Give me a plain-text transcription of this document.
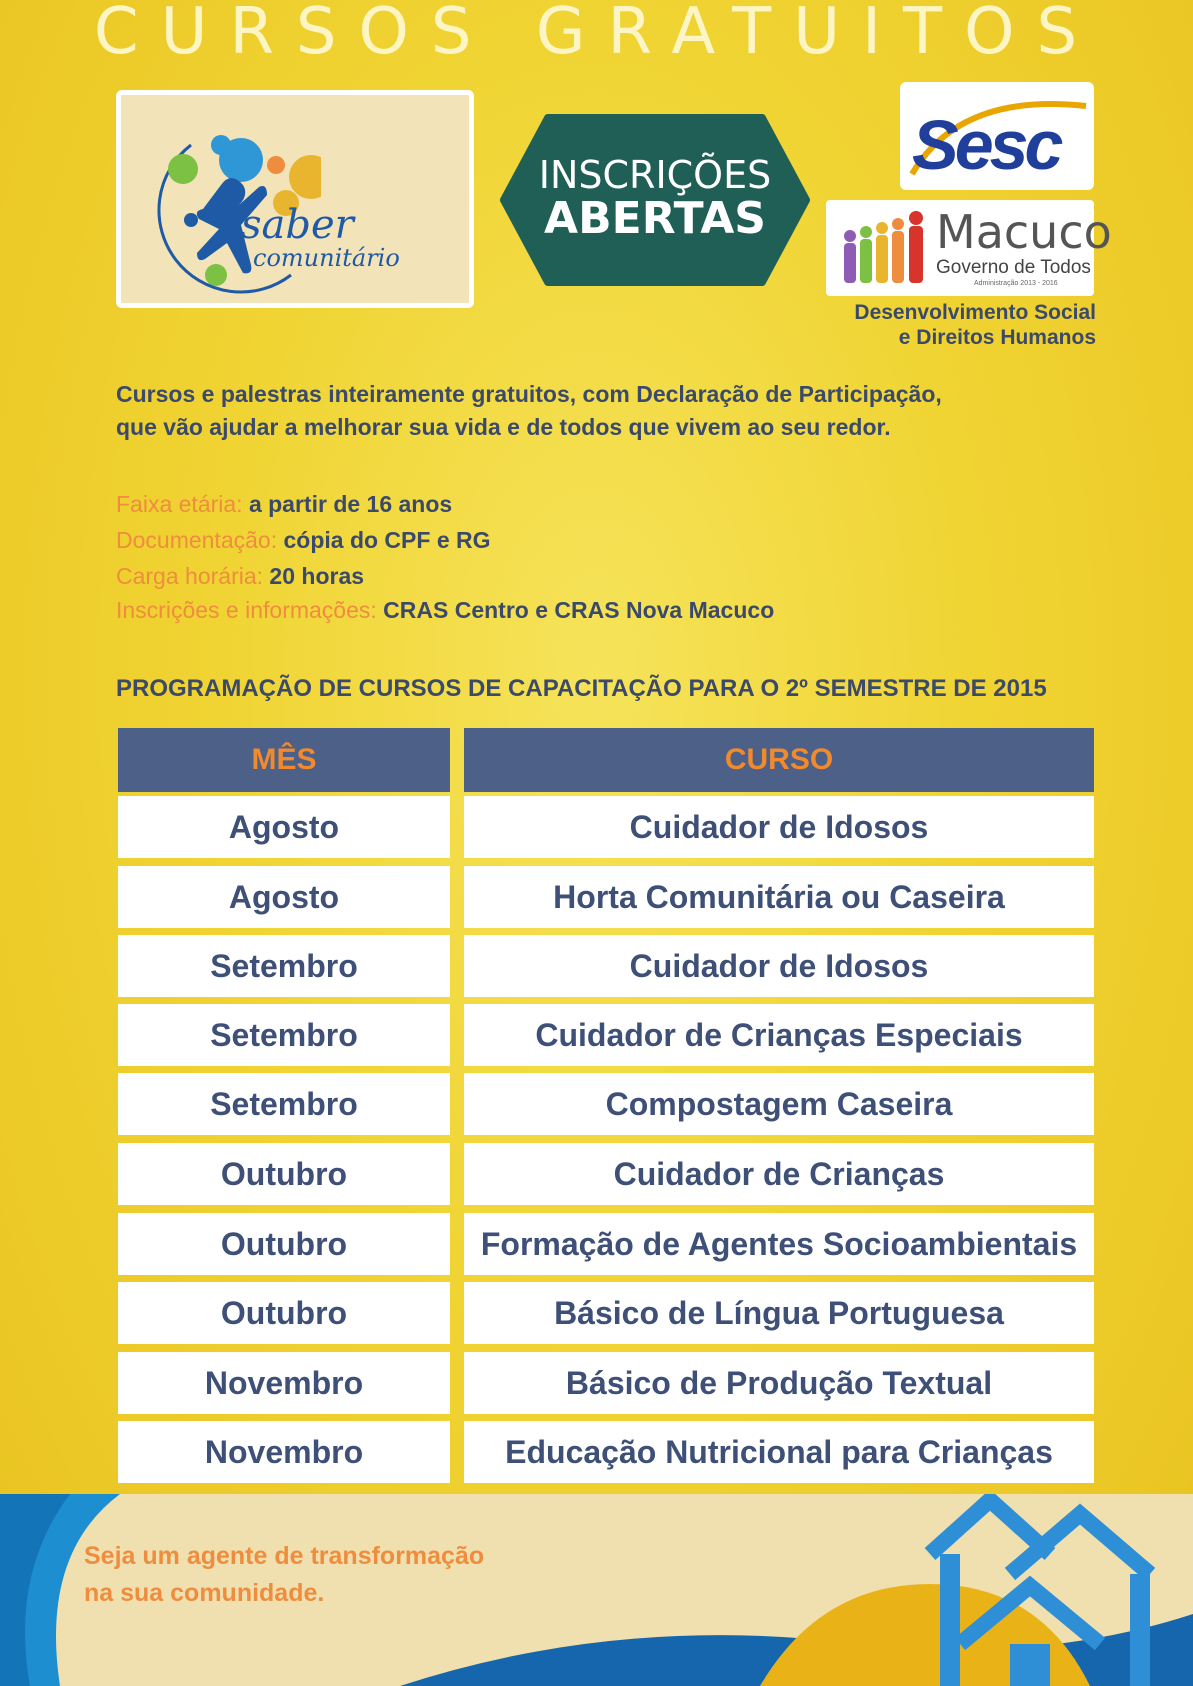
CURSOS GRATUITOS
saber
comunitário
INSCRIÇÕES
ABERTAS
Sesc
Macuco
Governo de Todos
Administração 2013 - 2016
Desenvolvimento Social
e Direitos Humanos
Cursos e palestras inteiramente gratuitos, com Declaração de Participação,
que vão ajudar a melhorar sua vida e de todos que vivem ao seu redor.
Faixa etária: a partir de 16 anos
Documentação: cópia do CPF e RG
Carga horária: 20 horas
Inscrições e informações: CRAS Centro e CRAS Nova Macuco
PROGRAMAÇÃO DE CURSOS DE CAPACITAÇÃO PARA O 2º SEMESTRE DE 2015
MÊS	CURSO
Agosto	Cuidador de Idosos
Agosto	Horta Comunitária ou Caseira
Setembro	Cuidador de Idosos
Setembro	Cuidador de Crianças Especiais
Setembro	Compostagem Caseira
Outubro	Cuidador de Crianças
Outubro	Formação de Agentes Socioambientais
Outubro	Básico de Língua Portuguesa
Novembro	Básico de Produção Textual
Novembro	Educação Nutricional para Crianças
Seja um agente de transformação
na sua comunidade.
